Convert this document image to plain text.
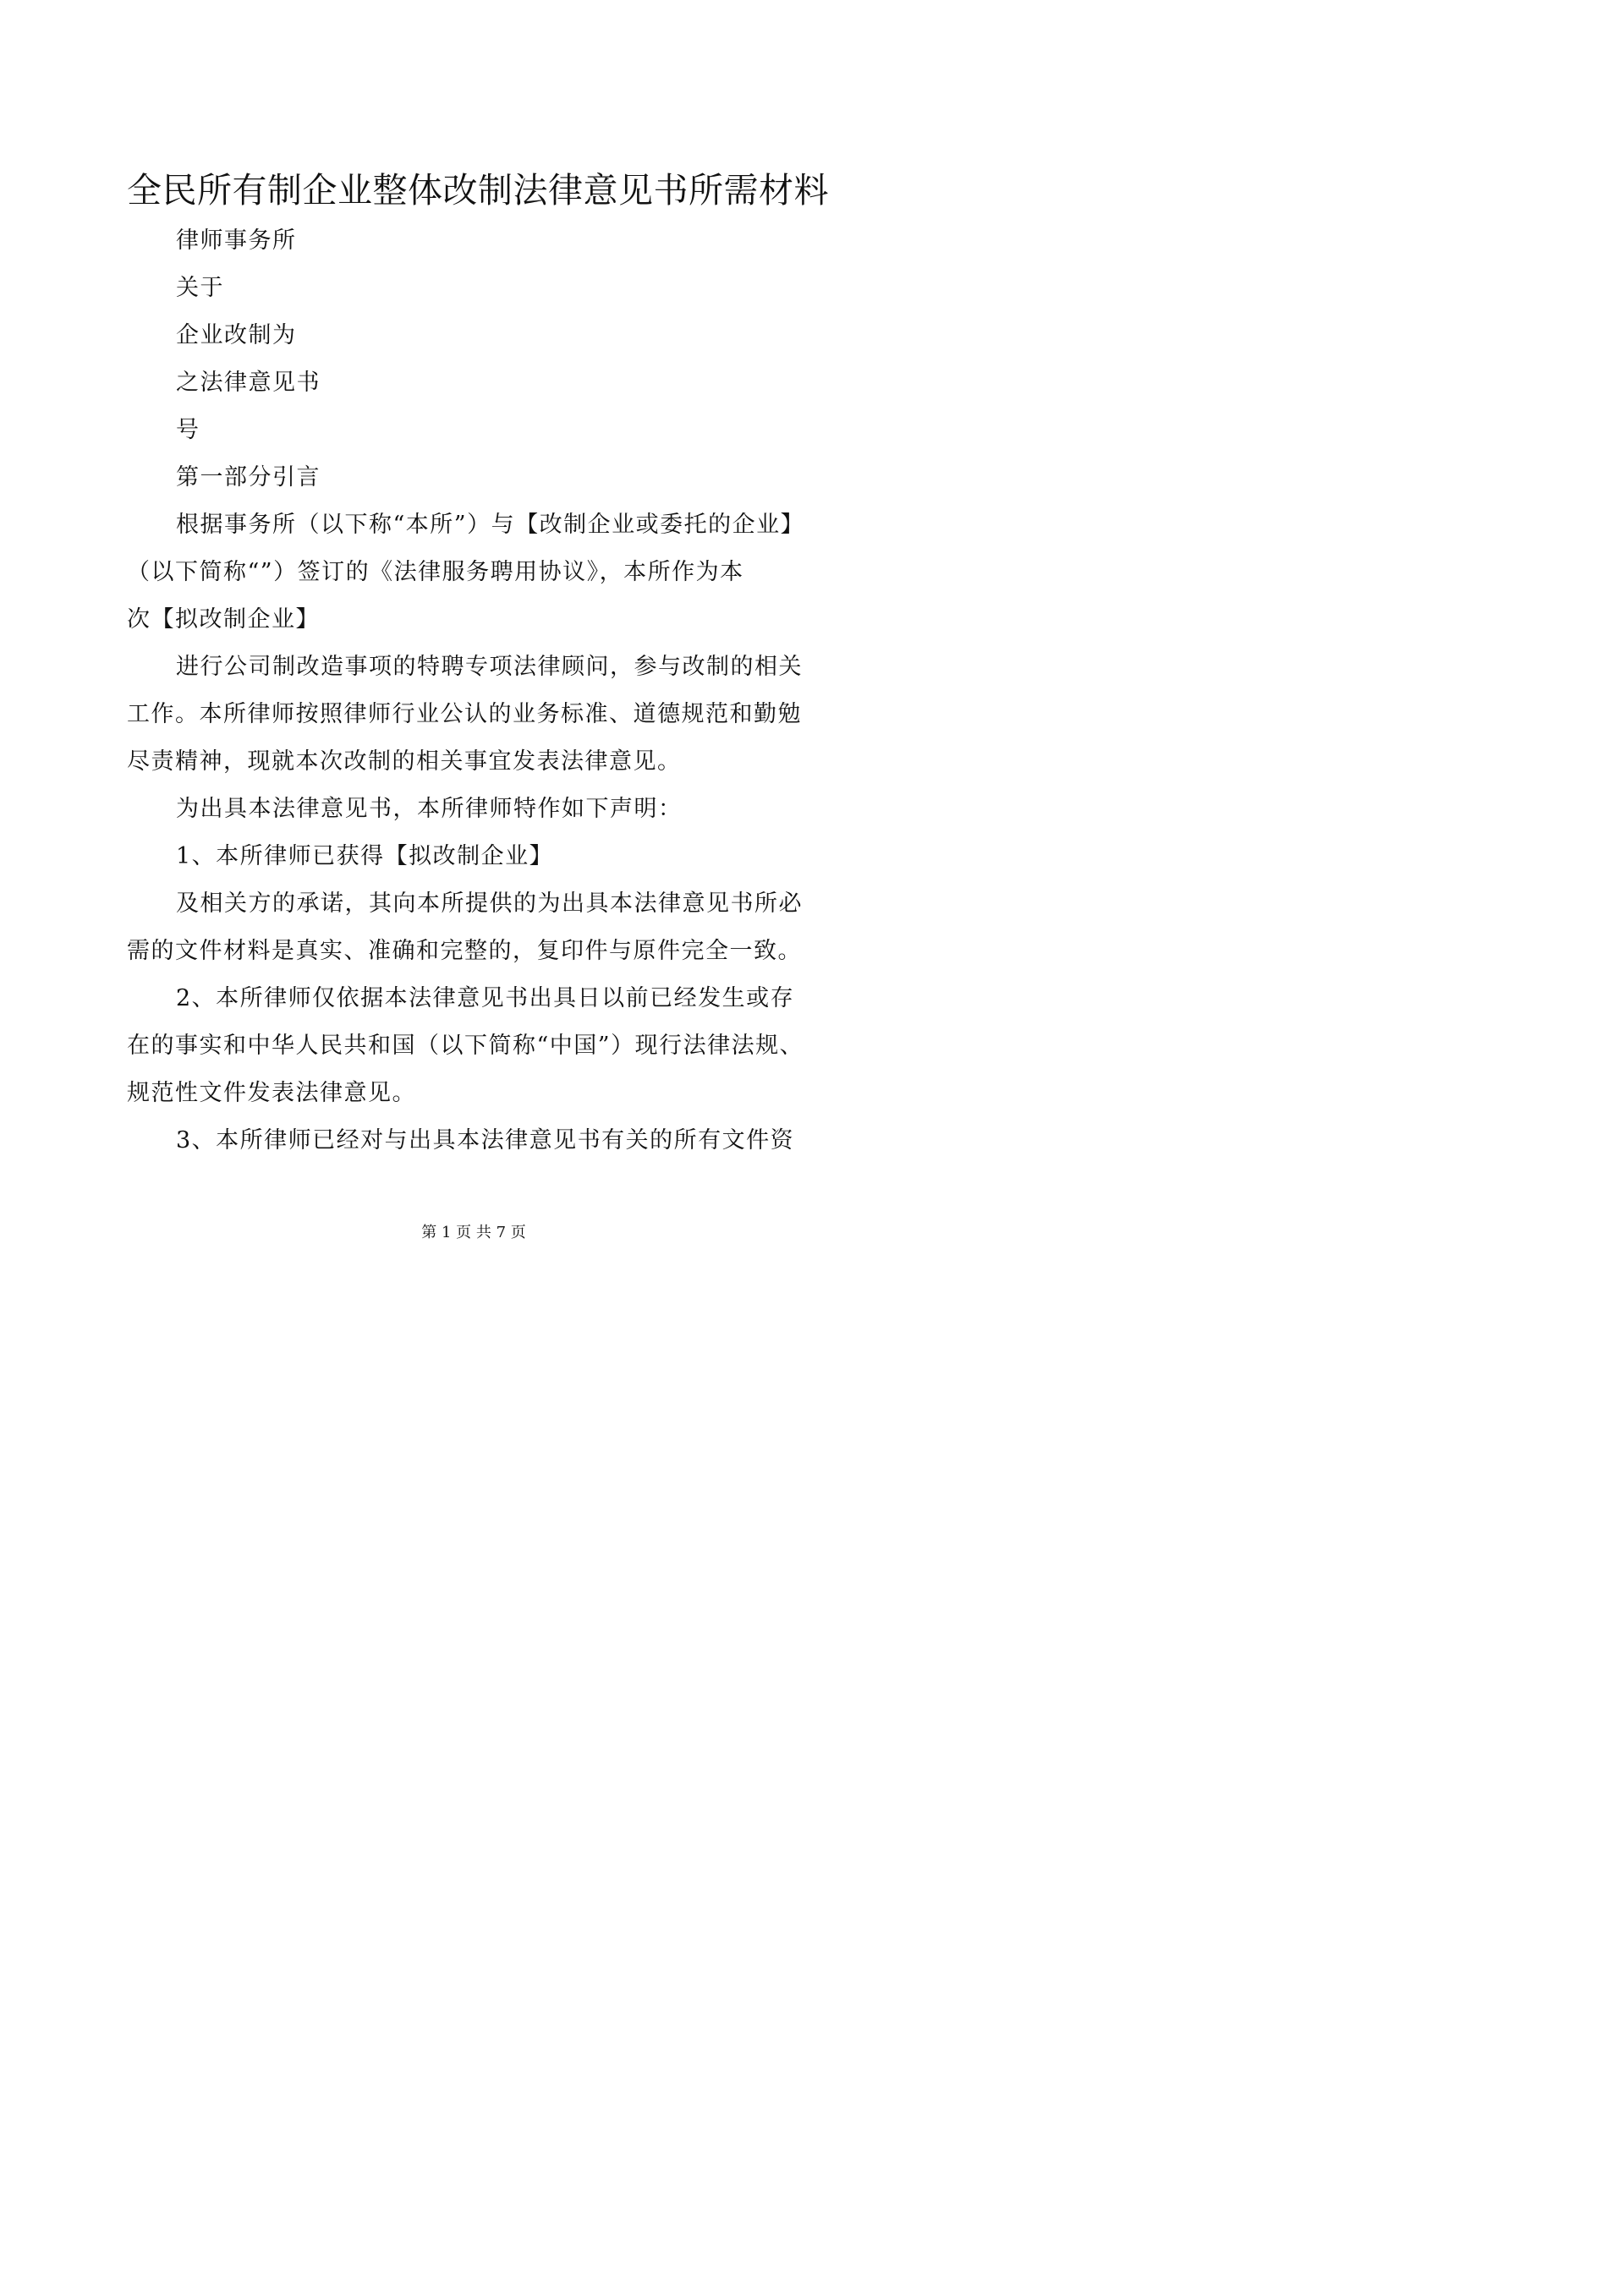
全民所有制企业整体改制法律意见书所需材料

律师事务所

关于

企业改制为

之法律意见书

号

第一部分引言

根据事务所（以下称“本所”）与【改制企业或委托的企业】

（以下简称“”）签订的《法律服务聘用协议》，本所作为本

次【拟改制企业】

进行公司制改造事项的特聘专项法律顾问，参与改制的相关

工作。本所律师按照律师行业公认的业务标准、道德规范和勤勉

尽责精神，现就本次改制的相关事宜发表法律意见。

为出具本法律意见书，本所律师特作如下声明：

1、本所律师已获得【拟改制企业】

及相关方的承诺，其向本所提供的为出具本法律意见书所必

需的文件材料是真实、准确和完整的，复印件与原件完全一致。

2、本所律师仅依据本法律意见书出具日以前已经发生或存

在的事实和中华人民共和国（以下简称“中国”）现行法律法规、

规范性文件发表法律意见。

3、本所律师已经对与出具本法律意见书有关的所有文件资

第 1 页 共 7 页
